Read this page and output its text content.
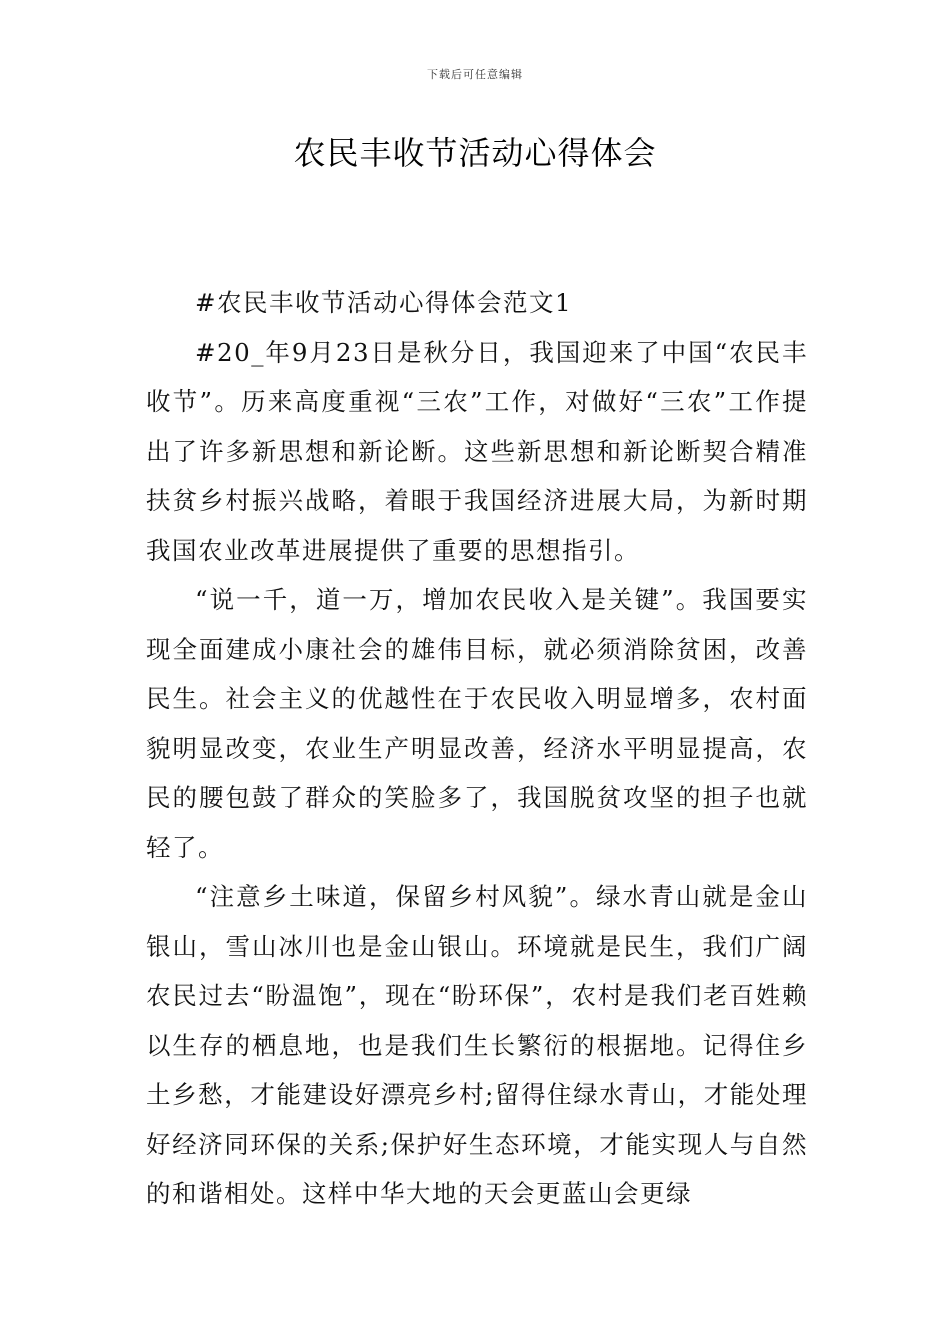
下载后可任意编辑
农民丰收节活动心得体会

#农民丰收节活动心得体会范文1

#20_年9月23日是秋分日，我国迎来了中国“农民丰收节”。历来高度重视“三农”工作，对做好“三农”工作提出了许多新思想和新论断。这些新思想和新论断契合精准扶贫乡村振兴战略，着眼于我国经济进展大局，为新时期我国农业改革进展提供了重要的思想指引。

“说一千，道一万，增加农民收入是关键”。我国要实现全面建成小康社会的雄伟目标，就必须消除贫困，改善民生。社会主义的优越性在于农民收入明显增多，农村面貌明显改变，农业生产明显改善，经济水平明显提高，农民的腰包鼓了群众的笑脸多了，我国脱贫攻坚的担子也就轻了。

“注意乡土味道，保留乡村风貌”。绿水青山就是金山银山，雪山冰川也是金山银山。环境就是民生，我们广阔农民过去“盼温饱”，现在“盼环保”，农村是我们老百姓赖以生存的栖息地，也是我们生长繁衍的根据地。记得住乡土乡愁，才能建设好漂亮乡村;留得住绿水青山，才能处理好经济同环保的关系;保护好生态环境，才能实现人与自然的和谐相处。这样中华大地的天会更蓝山会更绿
